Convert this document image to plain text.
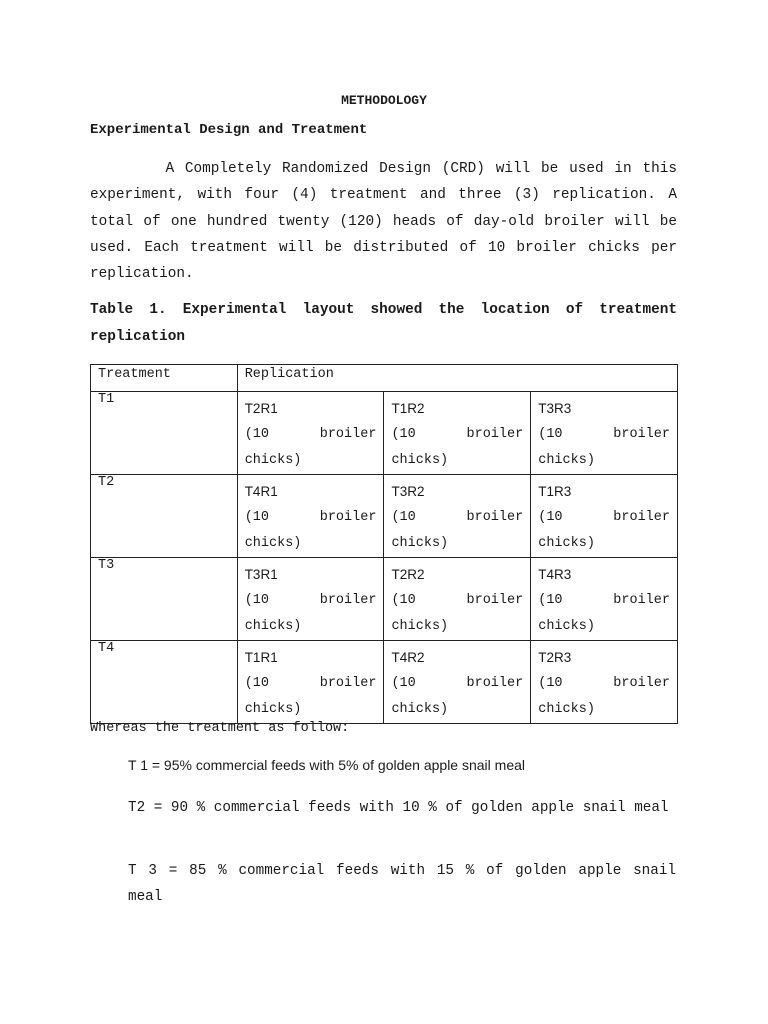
METHODOLOGY
Experimental Design and Treatment
A Completely Randomized Design (CRD) will be used in this experiment, with four (4) treatment and three (3) replication. A total of one hundred twenty (120) heads of day-old broiler will be used. Each treatment will be distributed of 10 broiler chicks per replication.
Table 1. Experimental layout showed the location of treatment replication
Treatment	Replication		

T1	T2R1
(10 broiler
chicks)	T1R2
(10 broiler
chicks)	T3R3
(10 broiler
chicks)

T2	T4R1
(10 broiler
chicks)	T3R2
(10 broiler
chicks)	T1R3
(10 broiler
chicks)

T3	T3R1
(10 broiler
chicks)	T2R2
(10 broiler
chicks)	T4R3
(10 broiler
chicks)

T4	T1R1
(10 broiler
chicks)	T4R2
(10 broiler
chicks)	T2R3
(10 broiler
chicks)
Whereas the treatment as follow:
T 1 = 95% commercial feeds with 5% of golden apple snail meal
T2 = 90 % commercial feeds with 10 % of golden apple snail meal
T 3 = 85 % commercial feeds with 15 % of golden apple snail meal
